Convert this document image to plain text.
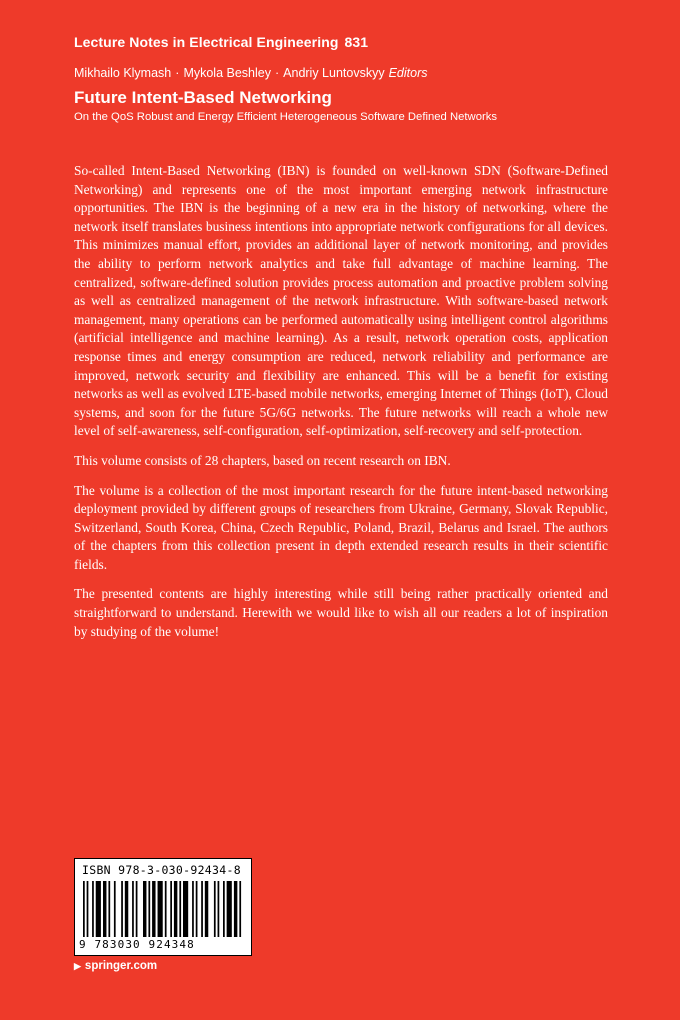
Lecture Notes in Electrical Engineering 831
Mikhailo Klymash · Mykola Beshley · Andriy Luntovskyy Editors
Future Intent-Based Networking
On the QoS Robust and Energy Efficient Heterogeneous Software Defined Networks

So-called Intent-Based Networking (IBN) is founded on well-known SDN (Software-Defined Networking) and represents one of the most important emerging network infrastructure opportunities. The IBN is the beginning of a new era in the history of networking, where the network itself translates business intentions into appropriate network configurations for all devices. This minimizes manual effort, provides an additional layer of network monitoring, and provides the ability to perform network analytics and take full advantage of machine learning. The centralized, software-defined solution provides process automation and proactive problem solving as well as centralized management of the network infrastructure. With software-based network management, many operations can be performed automatically using intelligent control algorithms (artificial intelligence and machine learning). As a result, network operation costs, application response times and energy consumption are reduced, network reliability and performance are improved, network security and flexibility are enhanced. This will be a benefit for existing networks as well as evolved LTE-based mobile networks, emerging Internet of Things (IoT), Cloud systems, and soon for the future 5G/6G networks. The future networks will reach a whole new level of self-awareness, self-configuration, self-optimization, self-recovery and self-protection.

This volume consists of 28 chapters, based on recent research on IBN.

The volume is a collection of the most important research for the future intent-based networking deployment provided by different groups of researchers from Ukraine, Germany, Slovak Republic, Switzerland, South Korea, China, Czech Republic, Poland, Brazil, Belarus and Israel. The authors of the chapters from this collection present in depth extended research results in their scientific fields.

The presented contents are highly interesting while still being rather practically oriented and straightforward to understand. Herewith we would like to wish all our readers a lot of inspiration by studying of the volume!

ISBN 978-3-030-92434-8
9 783030 924348
▶ springer.com
